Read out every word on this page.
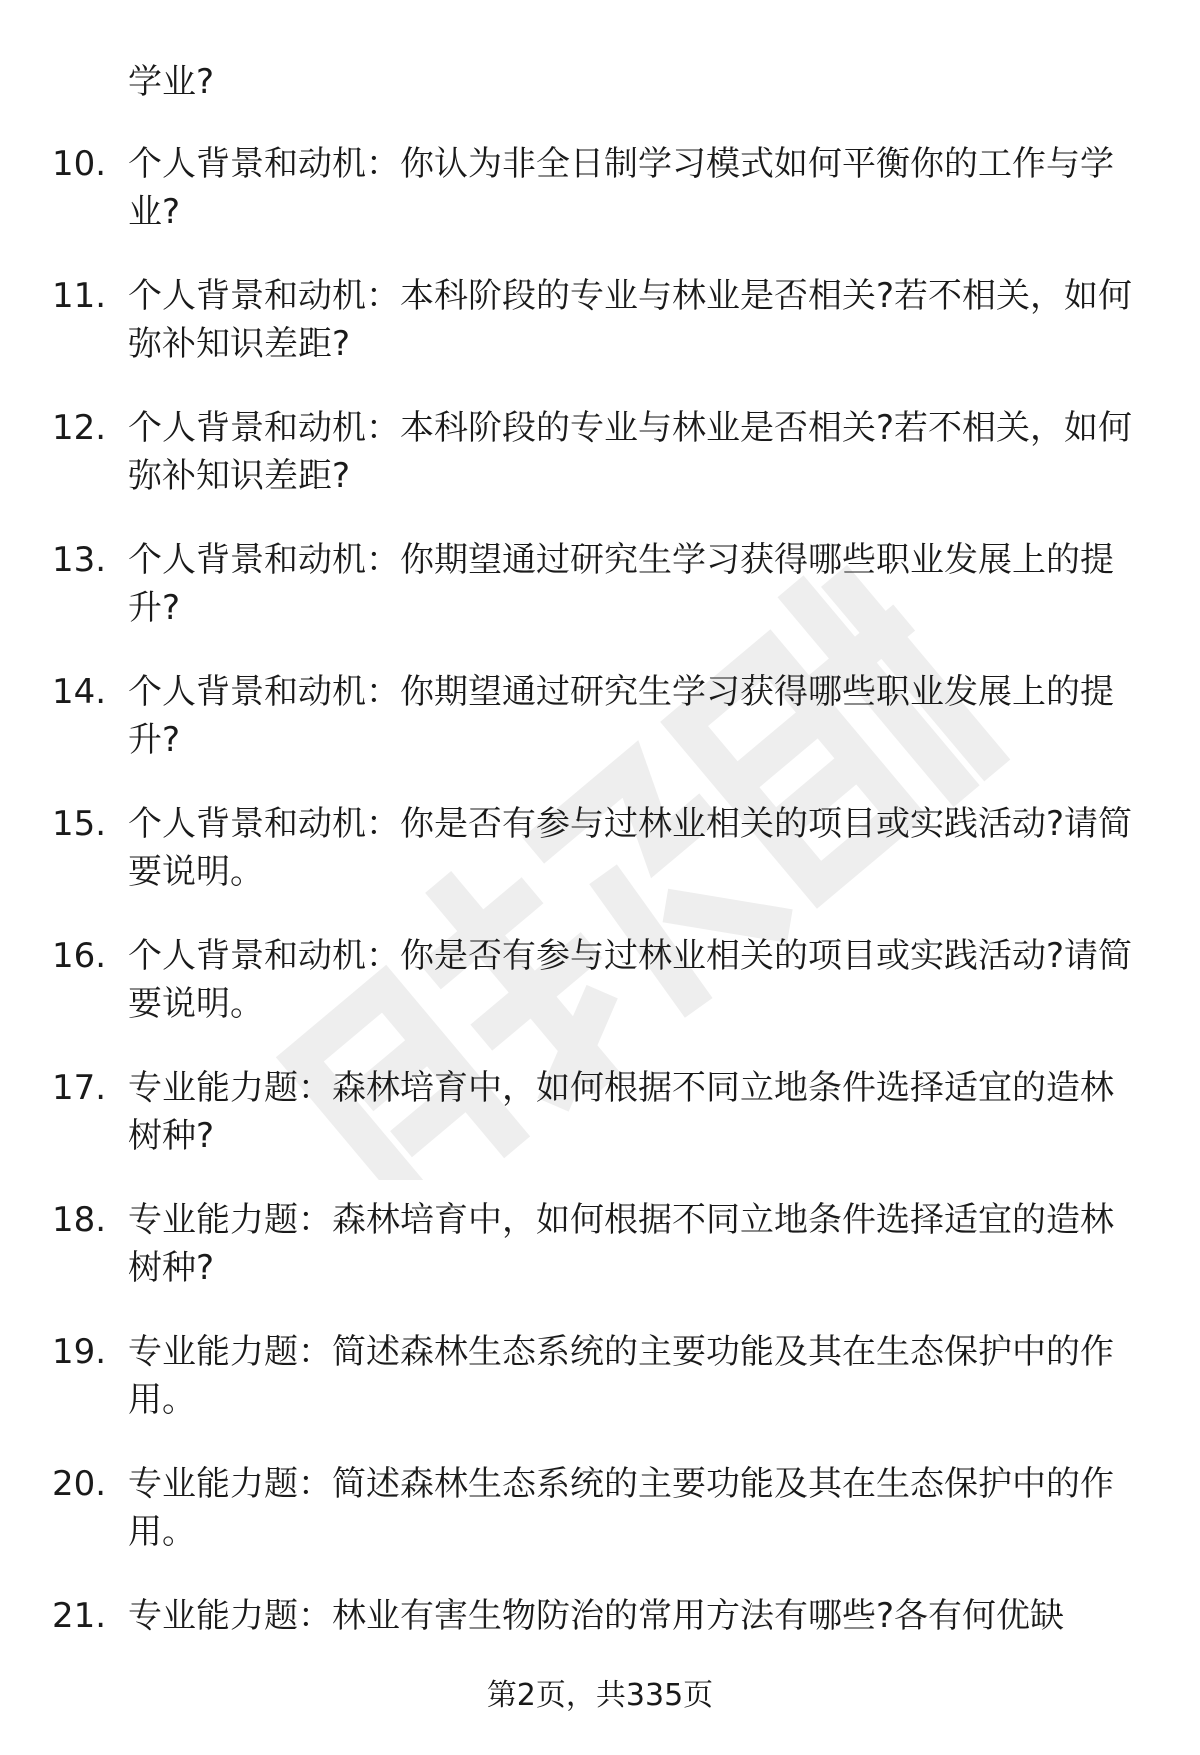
学业?
10. 个人背景和动机：你认为非全日制学习模式如何平衡你的工作与学业?
11. 个人背景和动机：本科阶段的专业与林业是否相关?若不相关，如何弥补知识差距?
12. 个人背景和动机：本科阶段的专业与林业是否相关?若不相关，如何弥补知识差距?
13. 个人背景和动机：你期望通过研究生学习获得哪些职业发展上的提升?
14. 个人背景和动机：你期望通过研究生学习获得哪些职业发展上的提升?
15. 个人背景和动机：你是否有参与过林业相关的项目或实践活动?请简要说明。
16. 个人背景和动机：你是否有参与过林业相关的项目或实践活动?请简要说明。
17. 专业能力题：森林培育中，如何根据不同立地条件选择适宜的造林树种?
18. 专业能力题：森林培育中，如何根据不同立地条件选择适宜的造林树种?
19. 专业能力题：简述森林生态系统的主要功能及其在生态保护中的作用。
20. 专业能力题：简述森林生态系统的主要功能及其在生态保护中的作用。
21. 专业能力题：林业有害生物防治的常用方法有哪些?各有何优缺
第2页，共335页
